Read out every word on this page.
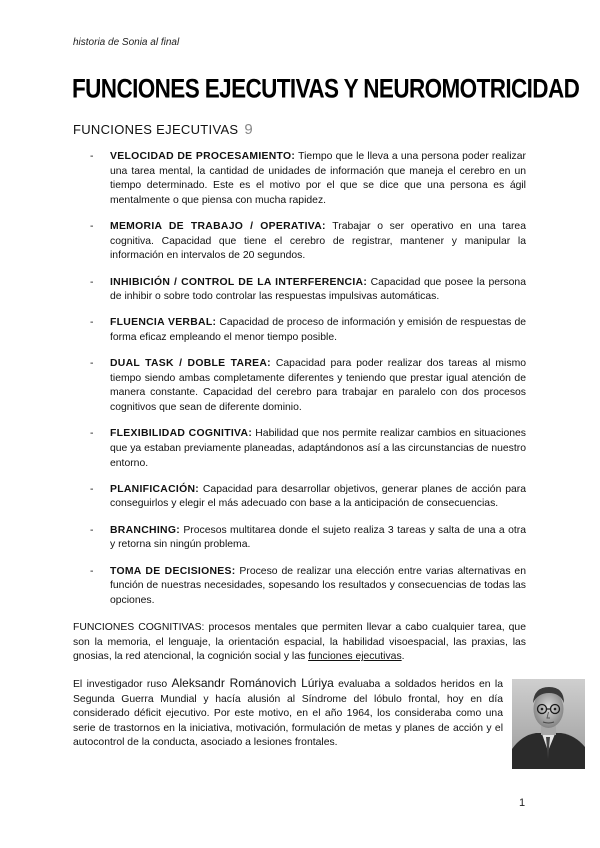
historia de Sonia al final
FUNCIONES EJECUTIVAS Y NEUROMOTRICIDAD
FUNCIONES EJECUTIVAS 9
- VELOCIDAD DE PROCESAMIENTO: Tiempo que le lleva a una persona poder realizar una tarea mental, la cantidad de unidades de información que maneja el cerebro en un tiempo determinado. Este es el motivo por el que se dice que una persona es ágil mentalmente o que piensa con mucha rapidez.
- MEMORIA DE TRABAJO / OPERATIVA: Trabajar o ser operativo en una tarea cognitiva. Capacidad que tiene el cerebro de registrar, mantener y manipular la información en intervalos de 20 segundos.
- INHIBICIÓN / CONTROL DE LA INTERFERENCIA: Capacidad que posee la persona de inhibir o sobre todo controlar las respuestas impulsivas automáticas.
- FLUENCIA VERBAL: Capacidad de proceso de información y emisión de respuestas de forma eficaz empleando el menor tiempo posible.
- DUAL TASK / DOBLE TAREA: Capacidad para poder realizar dos tareas al mismo tiempo siendo ambas completamente diferentes y teniendo que prestar igual atención de manera constante. Capacidad del cerebro para trabajar en paralelo con dos procesos cognitivos que sean de diferente dominio.
- FLEXIBILIDAD COGNITIVA: Habilidad que nos permite realizar cambios en situaciones que ya estaban previamente planeadas, adaptándonos así a las circunstancias de nuestro entorno.
- PLANIFICACIÓN: Capacidad para desarrollar objetivos, generar planes de acción para conseguirlos y elegir el más adecuado con base a la anticipación de consecuencias.
- BRANCHING: Procesos multitarea donde el sujeto realiza 3 tareas y salta de una a otra y retorna sin ningún problema.
- TOMA DE DECISIONES: Proceso de realizar una elección entre varias alternativas en función de nuestras necesidades, sopesando los resultados y consecuencias de todas las opciones.

FUNCIONES COGNITIVAS: procesos mentales que permiten llevar a cabo cualquier tarea, que son la memoria, el lenguaje, la orientación espacial, la habilidad visoespacial, las praxias, las gnosias, la red atencional, la cognición social y las funciones ejecutivas.

El investigador ruso Aleksandr Románovich Lúriya evaluaba a soldados heridos en la Segunda Guerra Mundial y hacía alusión al Síndrome del lóbulo frontal, hoy en día considerado déficit ejecutivo. Por este motivo, en el año 1964, los consideraba como una serie de trastornos en la iniciativa, motivación, formulación de metas y planes de acción y el autocontrol de la conducta, asociado a lesiones frontales.

1
